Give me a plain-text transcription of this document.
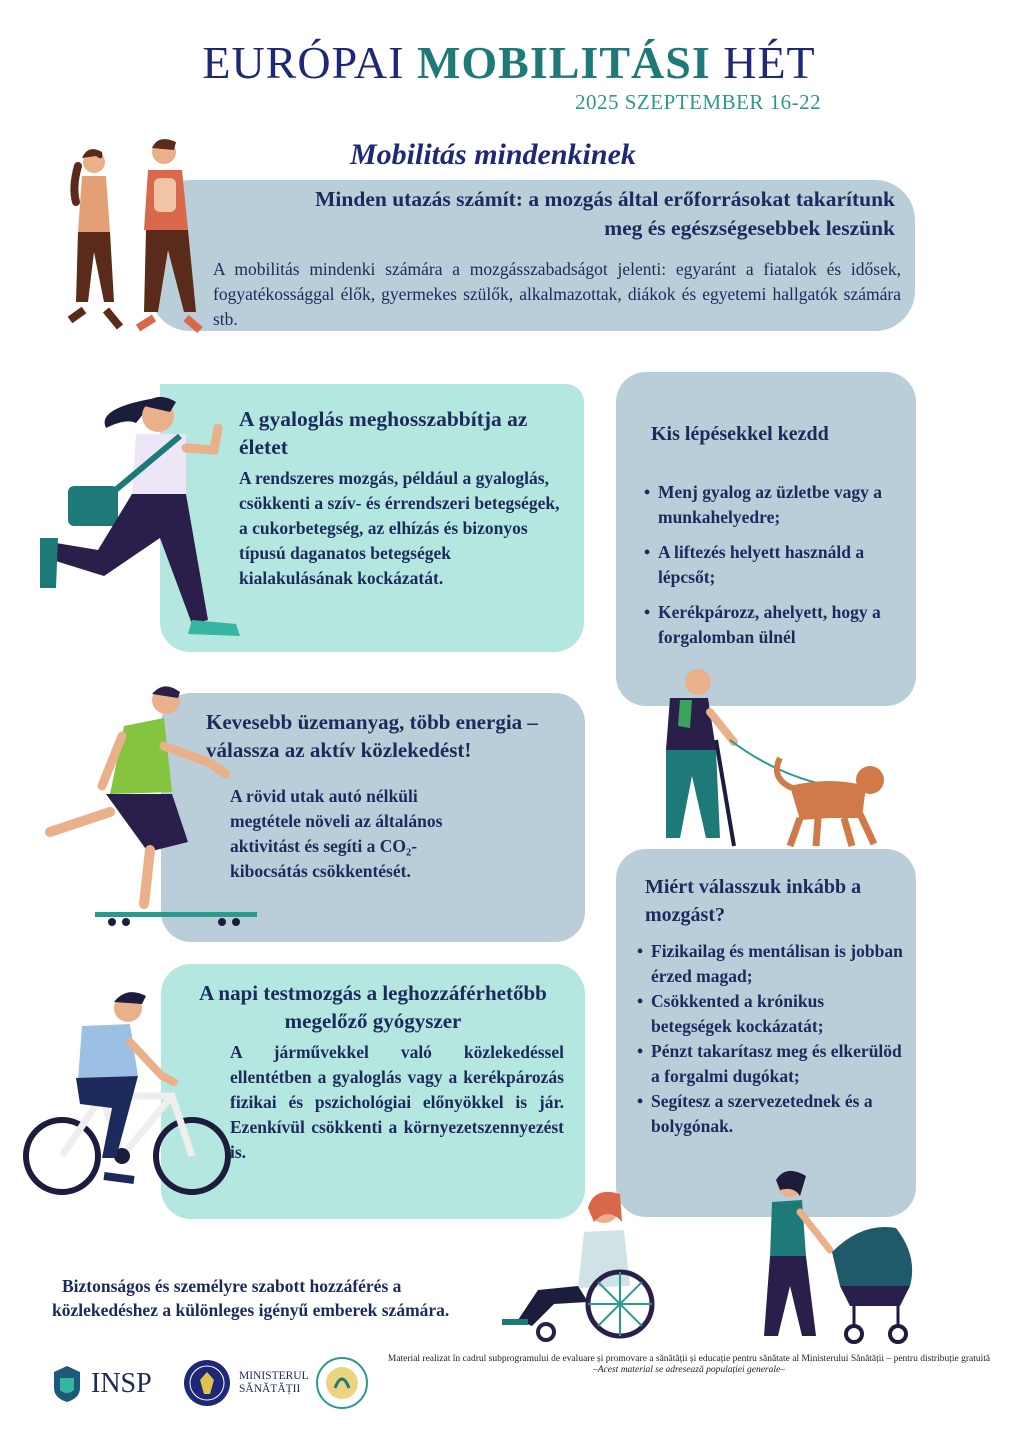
EURÓPAI MOBILITÁSI HÉT
2025 SZEPTEMBER 16-22
Mobilitás mindenkinek
Minden utazás számít: a mozgás által erőforrásokat takarítunk
meg és egészségesebbek leszünk
A mobilitás mindenki számára a mozgásszabadságot jelenti: egyaránt a fiatalok és idősek, fogyatékossággal élők, gyermekes szülők, alkalmazottak, diákok és egyetemi hallgatók számára stb.
A gyaloglás meghosszabbítja az életet
A rendszeres mozgás, például a gyaloglás, csökkenti a szív- és érrendszeri betegségek, a cukorbetegség, az elhízás és bizonyos típusú daganatos betegségek kialakulásának kockázatát.
Kis lépésekkel kezdd
• Menj gyalog az üzletbe vagy a munkahelyedre;
• A liftezés helyett használd a lépcsőt;
• Kerékpározz, ahelyett, hogy a forgalomban ülnél
Kevesebb üzemanyag, több energia – válassza az aktív közlekedést!
A rövid utak autó nélküli megtétele növeli az általános aktivitást és segíti a CO₂-kibocsátás csökkentését.
Miért válasszuk inkább a mozgást?
• Fizikailag és mentálisan is jobban érzed magad;
• Csökkented a krónikus betegségek kockázatát;
• Pénzt takarítasz meg és elkerülöd a forgalmi dugókat;
• Segítesz a szervezetednek és a bolygónak.
A napi testmozgás a leghozzáférhetőbb megelőző gyógyszer
A járművekkel való közlekedéssel ellentétben a gyaloglás vagy a kerékpározás fizikai és pszichológiai előnyökkel is jár. Ezenkívül csökkenti a környezetszennyezést is.
Biztonságos és személyre szabott hozzáférés a
közlekedéshez a különleges igényű emberek számára.
INSP	MINISTERUL
SĂNĂTĂȚII
Material realizat în cadrul subprogramului de evaluare și promovare a sănătății și educație pentru sănătate al Ministerului Sănătății – pentru distribuție gratuită
–Acest material se adresează populației generale–
